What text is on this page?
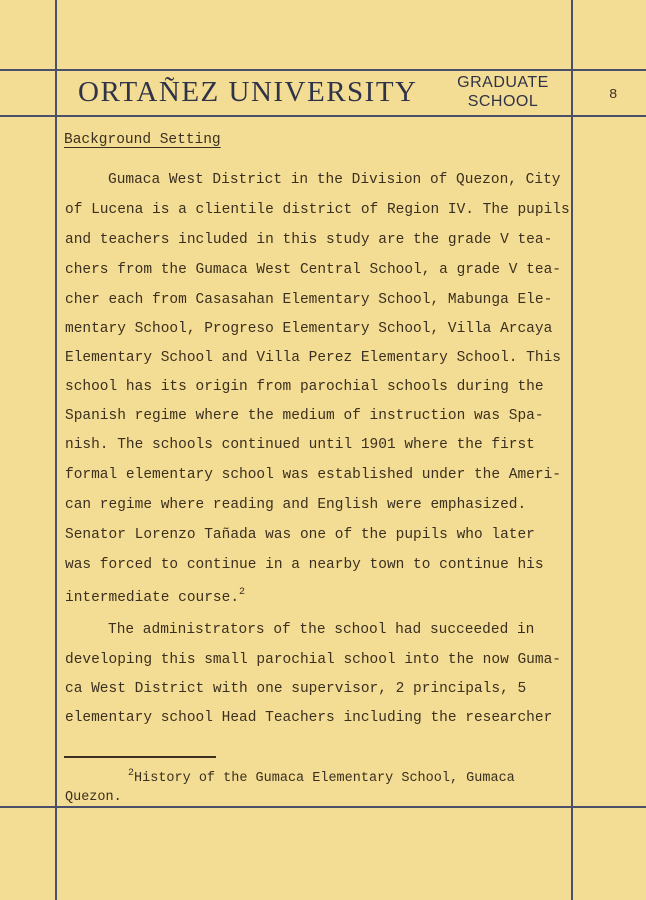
ORTAÑEZ UNIVERSITY	GRADUATE
SCHOOL	8
Background Setting
Gumaca West District in the Division of Quezon, City
of Lucena is a clientile district of Region IV. The pupils
and teachers included in this study are the grade V tea-
chers from the Gumaca West Central School, a grade V tea-
cher each from Casasahan Elementary School, Mabunga Ele-
mentary School, Progreso Elementary School, Villa Arcaya
Elementary School and Villa Perez Elementary School. This
school has its origin from parochial schools during the
Spanish regime where the medium of instruction was Spa-
nish. The schools continued until 1901 where the first
formal elementary school was established under the Ameri-
can regime where reading and English were emphasized.
Senator Lorenzo Tañada was one of the pupils who later
was forced to continue in a nearby town to continue his
intermediate course.$^2$
The administrators of the school had succeeded in
developing this small parochial school into the now Guma-
ca West District with one supervisor, 2 principals, 5
elementary school Head Teachers including the researcher
$^2$History of the Gumaca Elementary School, Gumaca
Quezon.
